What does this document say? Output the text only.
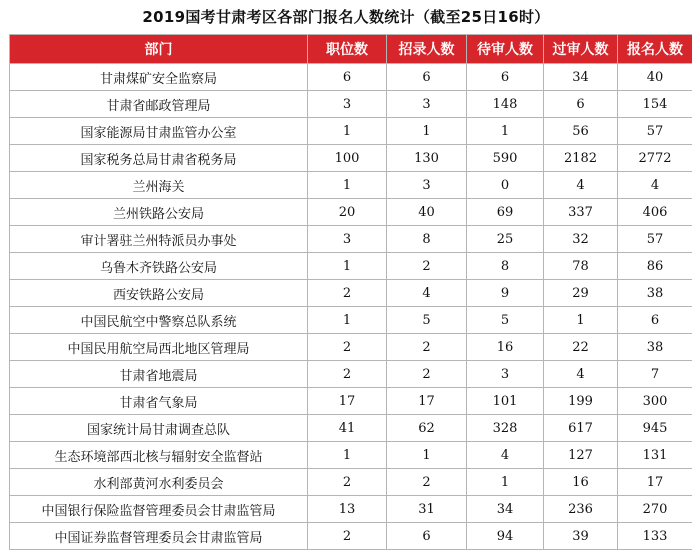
2019国考甘肃考区各部门报名人数统计（截至25日16时）
部门	职位数	招录人数	待审人数	过审人数	报名人数
甘肃煤矿安全监察局	6	6	6	34	40
甘肃省邮政管理局	3	3	148	6	154
国家能源局甘肃监管办公室	1	1	1	56	57
国家税务总局甘肃省税务局	100	130	590	2182	2772
兰州海关	1	3	0	4	4
兰州铁路公安局	20	40	69	337	406
审计署驻兰州特派员办事处	3	8	25	32	57
乌鲁木齐铁路公安局	1	2	8	78	86
西安铁路公安局	2	4	9	29	38
中国民航空中警察总队系统	1	5	5	1	6
中国民用航空局西北地区管理局	2	2	16	22	38
甘肃省地震局	2	2	3	4	7
甘肃省气象局	17	17	101	199	300
国家统计局甘肃调查总队	41	62	328	617	945
生态环境部西北核与辐射安全监督站	1	1	4	127	131
水利部黄河水利委员会	2	2	1	16	17
中国银行保险监督管理委员会甘肃监管局	13	31	34	236	270
中国证券监督管理委员会甘肃监管局	2	6	94	39	133
